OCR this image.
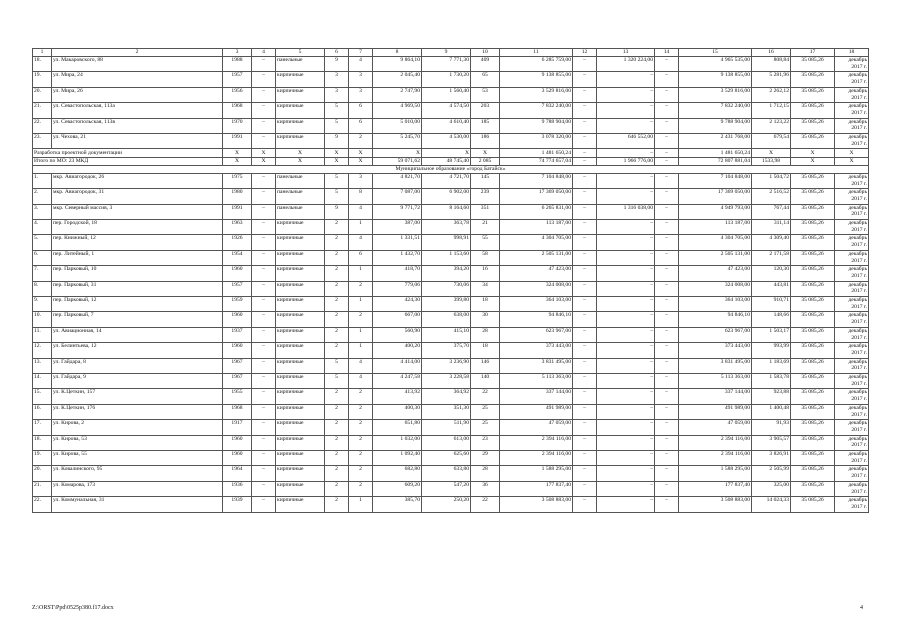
1	2	3	4	5	6	7	8	9	10	11	12	13	14	15	16	17	18
18.	ул. Макаровского, 88	1988	–	панельные	9	4	9 864,10	7 771,30	409	6 285 759,00	–	1 320 224,00	–	4 965 535,00	808,84	35 085,26	декабрь 2017 г.
19.	ул. Мира, 24	1957	–	кирпичные	3	3	2 045,40	1 730,20	65	9 138 855,00	–	–	–	9 138 855,00	5 281,96	35 085,26	декабрь 2017 г.
20.	ул. Мира, 26	1956	–	кирпичные	3	3	2 747,90	1 560,40	53	3 529 816,00	–	–	–	3 529 816,00	2 262,12	35 085,26	декабрь 2017 г.
21.	ул. Севастопольская, 113а	1968	–	кирпичные	5	6	4 969,50	4 574,50	203	7 832 240,00	–	–	–	7 832 240,00	1 712,15	35 085,26	декабрь 2017 г.
22.	ул. Севастопольская, 113в	1970	–	кирпичные	5	6	5 010,00	4 610,40	185	9 788 904,00	–	–	–	9 788 904,00	2 123,22	35 085,26	декабрь 2017 г.
23.	ул. Чехова, 21	1991	–	кирпичные	9	2	5 245,70	4 530,00	186	3 078 320,00	–	646 552,00	–	2 431 768,00	679,54	35 085,26	декабрь 2017 г.
Разработка проектной документации		X	X	X	X	X	X	X	X	1 481 650,24	–	–	–	1 481 650,24	X	X	X
Итого по МО: 23 МКД		X	X	X	X	X	59 071,62	48 745,40	2 085	74 774 657,04	–	1 966 776,00	–	72 807 881,04	1533,98	X	X
Муниципальное образование «город Батайск»																	
1.	мкр. Авиагородок, 26	1975	–	панельные	5	3	4 821,70	4 721,70	145	7 104 848,00	–	–	–	7 104 848,00	1 504,72	35 085,26	декабрь 2017 г.
2.	мкр. Авиагородок, 31	1980	–	панельные	5	8	7 087,00	6 902,00	239	17 369 050,00	–	–	–	17 369 050,00	2 516,52	35 085,26	декабрь 2017 г.
3.	мкр. Северный массив, 3	1991	–	панельные	9	4	9 771,72	8 164,60	351	6 265 831,00	–	1 316 038,00	–	4 949 793,00	767,44	35 085,26	декабрь 2017 г.
4.	пер. Городской, 18	1963	–	кирпичные	2	1	387,00	363,78	21	113 187,00	–	–	–	113 187,00	311,14	35 085,26	декабрь 2017 г.
5.	пер. Книжный, 12	1926	–	кирпичные	2	4	1 331,51	998,91	55	4 304 705,00	–	–	–	4 304 705,00	4 309,40	35 085,26	декабрь 2017 г.
6.	пер. Литейный, 1	1954	–	кирпичные	2	6	1 432,70	1 153,60	58	2 505 131,00	–	–	–	2 505 131,00	2 171,58	35 085,26	декабрь 2017 г.
7.	пер. Парковый, 10	1960	–	кирпичные	2	1	418,70	394,20	16	47 423,00	–	–	–	47 423,00	120,30	35 085,26	декабрь 2017 г.
8.	пер. Парковый, 31	1957	–	кирпичные	2	2	779,06	730,06	34	324 008,00	–	–	–	324 008,00	443,81	35 085,26	декабрь 2017 г.
9.	пер. Парковый, 12	1959	–	кирпичные	2	1	424,30	399,80	18	364 103,00	–	–	–	364 103,00	910,71	35 085,26	декабрь 2017 г.
10.	пер. Парковый, 7	1960	–	кирпичные	2	2	667,00	638,00	30	94 846,10	–	–	–	94 846,10	148,66	35 085,26	декабрь 2017 г.
11.	ул. Авиационная, 14	1937	–	кирпичные	2	1	560,90	415,10	28	623 967,00	–	–	–	623 967,00	1 503,17	35 085,26	декабрь 2017 г.
12.	ул. Белинтьева, 12	1960	–	кирпичные	2	1	400,20	375,70	18	373 443,00	–	–	–	373 443,00	993,99	35 085,26	декабрь 2017 г.
13.	ул. Гайдара, 8	1967	–	кирпичные	5	4	4 414,00	3 236,90	146	3 831 495,00	–	–	–	3 831 495,00	1 183,69	35 085,26	декабрь 2017 г.
14.	ул. Гайдара, 9	1967	–	кирпичные	5	4	4 247,58	3 228,58	140	5 113 363,00	–	–	–	5 113 363,00	1 583,78	35 085,26	декабрь 2017 г.
15.	ул. К.Цеткин, 157	1955	–	кирпичные	2	2	413,92	364,92	22	337 144,00	–	–	–	337 144,00	923,88	35 085,26	декабрь 2017 г.
16.	ул. К.Цеткин, 176	1968	–	кирпичные	2	2	400,30	351,30	25	491 989,00	–	–	–	491 989,00	1 400,48	35 085,26	декабрь 2017 г.
17.	ул. Кирова, 2	1917	–	кирпичные	2	2	651,80	511,90	25	47 059,00	–	–	–	47 059,00	91,93	35 085,26	декабрь 2017 г.
18.	ул. Кирова, 53	1960	–	кирпичные	2	2	1 032,00	613,00	23	2 394 116,00	–	–	–	2 394 116,00	3 905,57	35 085,26	декабрь 2017 г.
19.	ул. Кирова, 55	1960	–	кирпичные	2	2	1 092,40	625,60	29	2 394 116,00	–	–	–	2 394 116,00	3 826,91	35 085,26	декабрь 2017 г.
20.	ул. Ковалинского, 95	1964	–	кирпичные	2	2	682,80	633,80	28	1 588 295,00	–	–	–	1 588 295,00	2 505,99	35 085,26	декабрь 2017 г.
21.	ул. Комарова, 173	1936	–	кирпичные	2	2	609,20	547,20	36	177 837,40	–	–	–	177 837,40	325,00	35 085,26	декабрь 2017 г.
22.	ул. Коммунальная, 31	1939	–	кирпичные	2	1	385,70	250,20	22	3 508 883,00	–	–	–	3 508 883,00	14 024,33	35 085,26	декабрь 2017 г.
Z:\ORST\Ppd\0525p380.f17.docx	4
